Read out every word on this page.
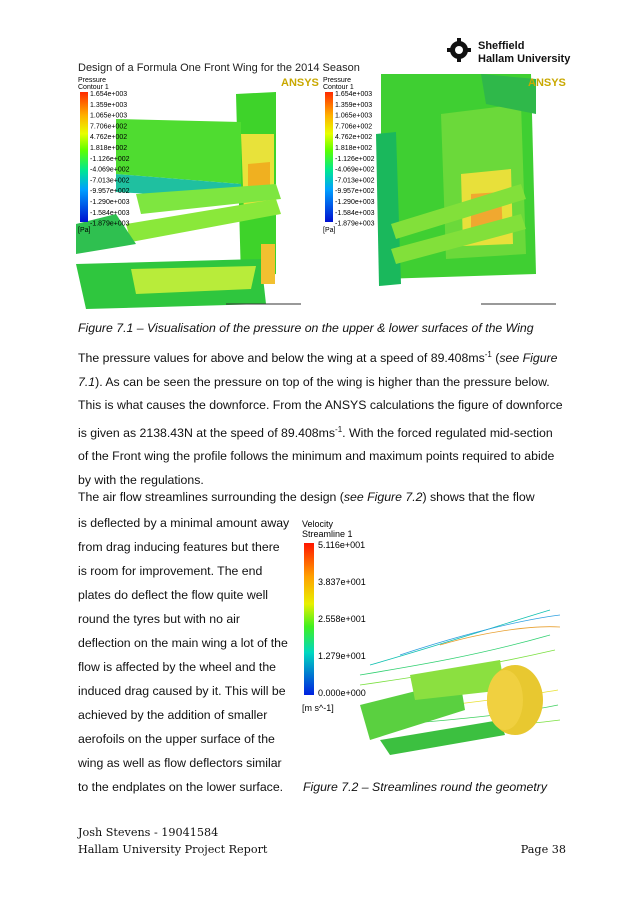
Design of a Formula One Front Wing for the 2014 Season
Sheffield
Hallam University
Pressure
Contour 1
1.654e+003
1.359e+003
1.065e+003
7.706e+002
4.762e+002
1.818e+002
-1.126e+002
-4.069e+002
-7.013e+002
-9.957e+002
-1.290e+003
-1.584e+003
-1.879e+003
[Pa]
ANSYS Pressure
Contour 1
1.654e+003
1.359e+003
1.065e+003
7.706e+002
4.762e+002
1.818e+002
-1.126e+002
-4.069e+002
-7.013e+002
-9.957e+002
-1.290e+003
-1.584e+003
-1.879e+003
[Pa]
ANSYS
Figure 7.1 – Visualisation of the pressure on the upper & lower surfaces of the Wing
The pressure values for above and below the wing at a speed of $89.408ms^{-1}$ (see Figure 7.1). As can be seen the pressure on top of the wing is higher than the pressure below. This is what causes the downforce. From the ANSYS calculations the figure of downforce is given as 2138.43N at the speed of $89.408ms^{-1}$. With the forced regulated mid-section of the Front wing the profile follows the minimum and maximum points required to abide by with the regulations.
The air flow streamlines surrounding the design (see Figure 7.2) shows that the flow
is deflected by a minimal amount away from drag inducing features but there is room for improvement. The end plates do deflect the flow quite well round the tyres but with no air deflection on the main wing a lot of the flow is affected by the wheel and the induced drag caused by it. This will be achieved by the addition of smaller aerofoils on the upper surface of the wing as well as flow deflectors similar to the endplates on the lower surface.
Velocity
Streamline 1
5.116e+001
3.837e+001
2.558e+001
1.279e+001
0.000e+000
[m s^-1]
Figure 7.2 – Streamlines round the geometry
Josh Stevens - 19041584
Hallam University Project Report	Page 38
